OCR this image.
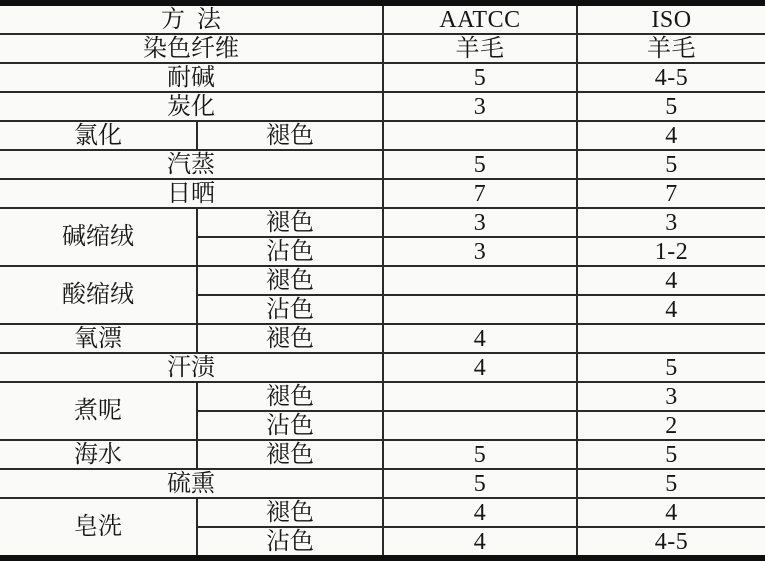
方  法		AATCC	ISO
染色纤维		羊毛	羊毛
耐碱		5	4-5
炭化		3	5
氯化	褪色		4
汽蒸		5	5
日晒		7	7
碱缩绒	褪色	3	3
	沾色	3	1-2
酸缩绒	褪色		4
	沾色		4
氧漂	褪色	4	
汗渍		4	5
煮呢	褪色		3
	沾色		2
海水	褪色	5	5
硫熏		5	5
皂洗	褪色	4	4
	沾色	4	4-5
